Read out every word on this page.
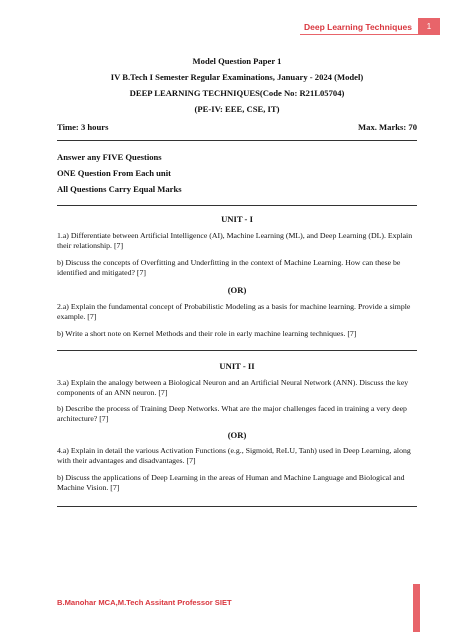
Deep Learning Techniques	1
Model Question Paper 1
IV B.Tech I Semester Regular Examinations, January - 2024 (Model)
DEEP LEARNING TECHNIQUES(Code No: R21L05704)
(PE-IV: EEE, CSE, IT)
Time: 3 hours	Max. Marks: 70
Answer any FIVE Questions
ONE Question From Each unit
All Questions Carry Equal Marks
UNIT - I
1.a) Differentiate between Artificial Intelligence (AI), Machine Learning (ML), and Deep Learning (DL). Explain their relationship. [7]
b) Discuss the concepts of Overfitting and Underfitting in the context of Machine Learning. How can these be identified and mitigated? [7]
(OR)
2.a) Explain the fundamental concept of Probabilistic Modeling as a basis for machine learning. Provide a simple example. [7]
b) Write a short note on Kernel Methods and their role in early machine learning techniques. [7]
UNIT - II
3.a) Explain the analogy between a Biological Neuron and an Artificial Neural Network (ANN). Discuss the key components of an ANN neuron. [7]
b) Describe the process of Training Deep Networks. What are the major challenges faced in training a very deep architecture? [7]
(OR)
4.a) Explain in detail the various Activation Functions (e.g., Sigmoid, ReLU, Tanh) used in Deep Learning, along with their advantages and disadvantages. [7]
b) Discuss the applications of Deep Learning in the areas of Human and Machine Language and Biological and Machine Vision. [7]
B.Manohar MCA,M.Tech Assitant Professor SIET
